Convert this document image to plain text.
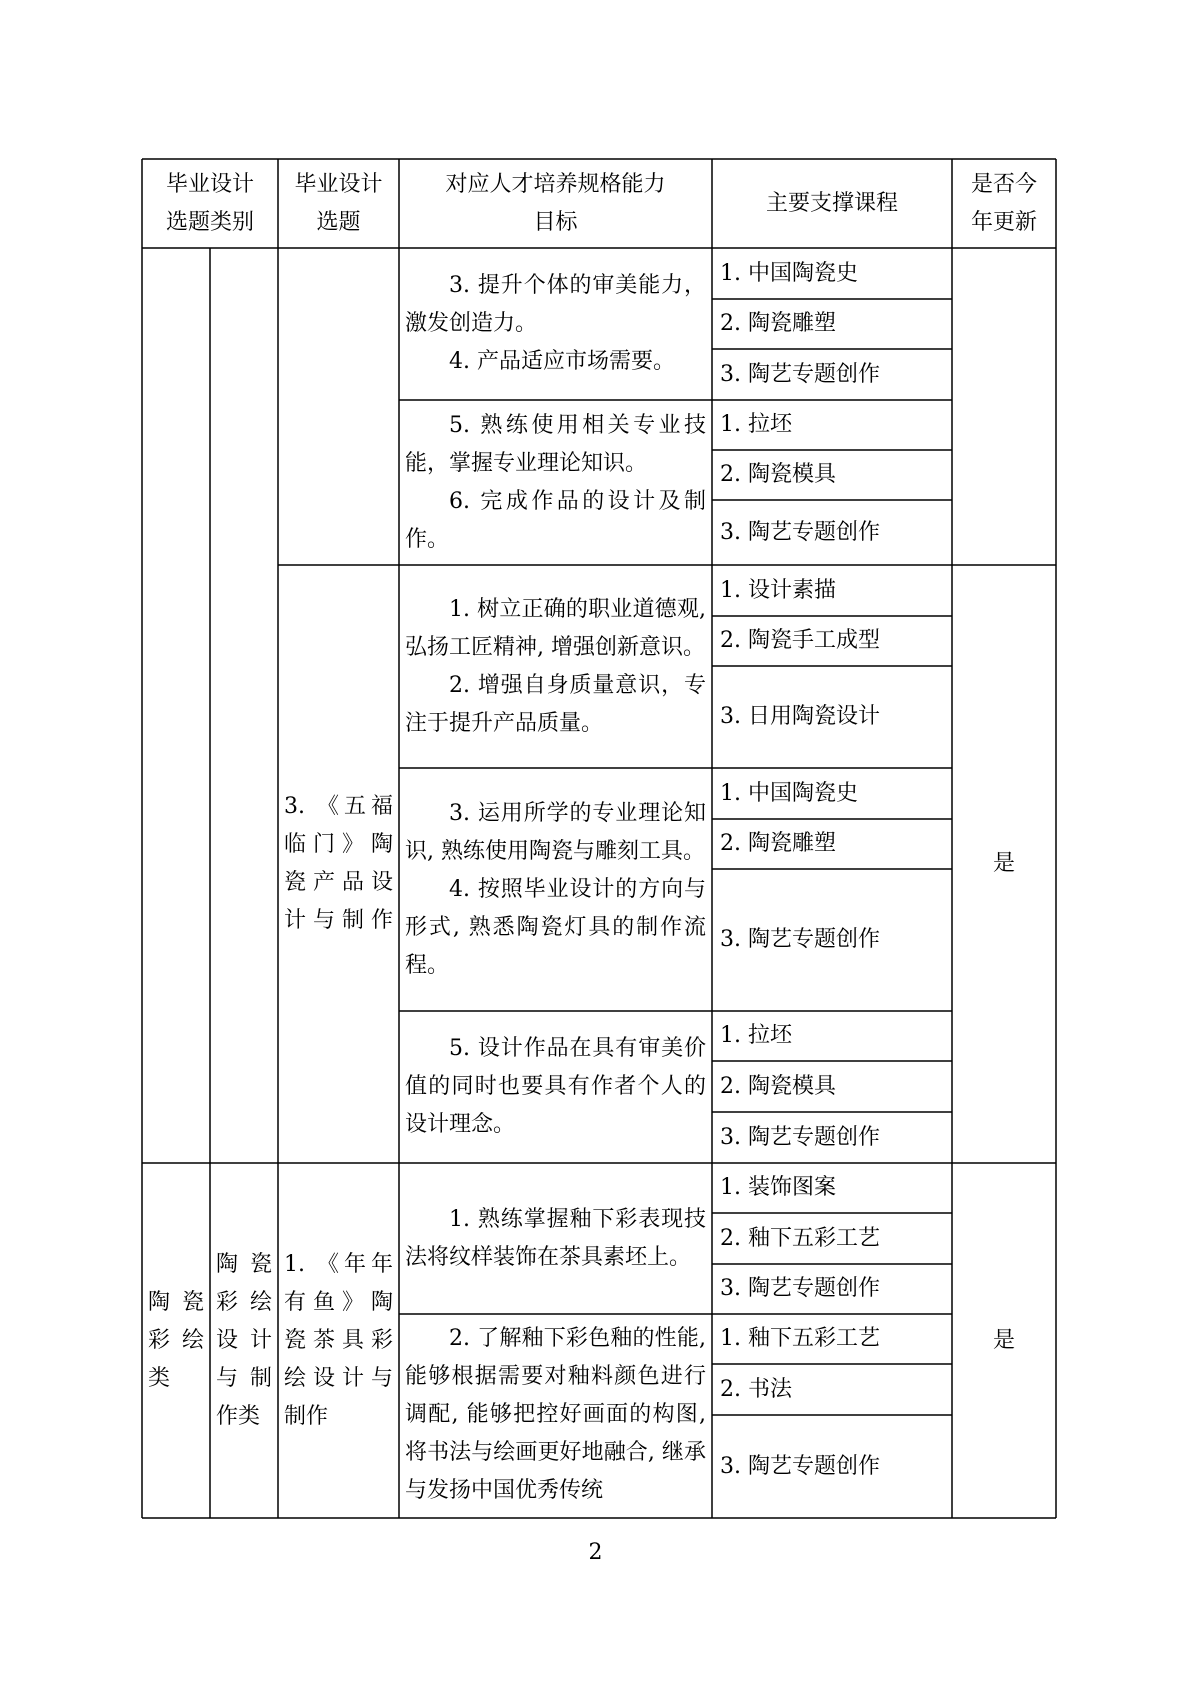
毕业设计
选题类别
毕业设计
选题
对应人才培养规格能力
目标
主要支撑课程
是否今
年更新

3. 提升个体的审美能力，激发创造力。

4. 产品适应市场需要。

1. 中国陶瓷史
2. 陶瓷雕塑
3. 陶艺专题创作

5. 熟练使用相关专业技能，掌握专业理论知识。

6. 完成作品的设计及制作。

1. 拉坯
2. 陶瓷模具
3. 陶艺专题创作
3. 《五福
临门》陶
瓷产品设
计与制作
是

1. 树立正确的职业道德观, 弘扬工匠精神, 增强创新意识。

2. 增强自身质量意识，专注于提升产品质量。

1. 设计素描
2. 陶瓷手工成型
3. 日用陶瓷设计

3. 运用所学的专业理论知识, 熟练使用陶瓷与雕刻工具。

4. 按照毕业设计的方向与形式, 熟悉陶瓷灯具的制作流程。

1. 中国陶瓷史
2. 陶瓷雕塑
3. 陶艺专题创作

5. 设计作品在具有审美价值的同时也要具有作者个人的设计理念。

1. 拉坯
2. 陶瓷模具
3. 陶艺专题创作
陶 瓷
彩 绘
类
陶 瓷
彩 绘
设 计
与 制
作类
1. 《年年
有鱼》陶
瓷茶具彩
绘设计与
制作
是

1. 熟练掌握釉下彩表现技法将纹样装饰在茶具素坯上。

1. 装饰图案
2. 釉下五彩工艺
3. 陶艺专题创作

2. 了解釉下彩色釉的性能, 能够根据需要对釉料颜色进行调配, 能够把控好画面的构图, 将书法与绘画更好地融合, 继承与发扬中国优秀传统

1. 釉下五彩工艺
2. 书法
3. 陶艺专题创作
2
